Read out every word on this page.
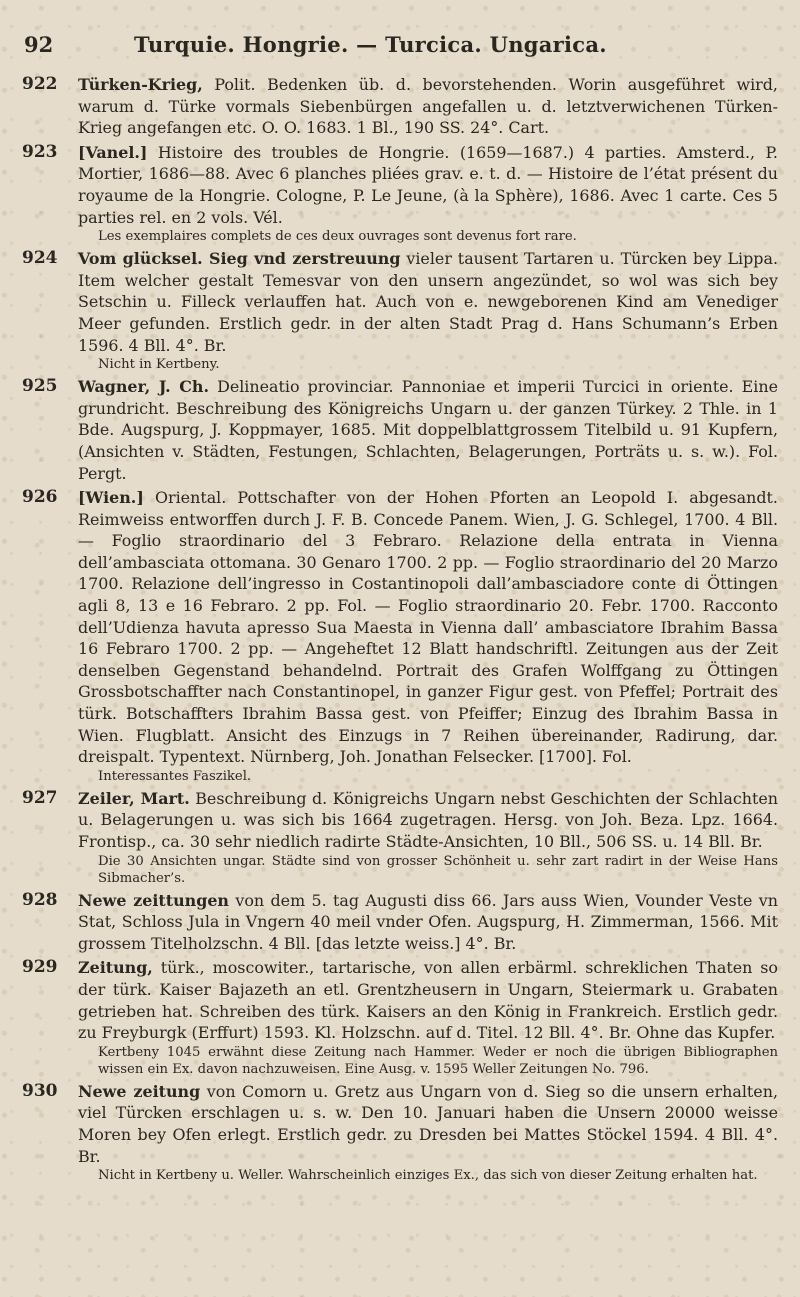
92	Turquie. Hongrie. — Turcica. Ungarica.
922	Türken-Krieg, Polit. Bedenken üb. d. bevorstehenden. Worin ausgeführet wird, warum d. Türke vormals Siebenbürgen angefallen u. d. letztverwichenen Türken-Krieg angefangen etc. O. O. 1683. 1 Bl., 190 SS. 24°. Cart.
923	[Vanel.] Histoire des troubles de Hongrie. (1659—1687.) 4 parties. Amsterd., P. Mortier, 1686—88. Avec 6 planches pliées grav. e. t. d. — Histoire de l’état présent du royaume de la Hongrie. Cologne, P. Le Jeune, (à la Sphère), 1686. Avec 1 carte. Ces 5 parties rel. en 2 vols. Vél.
Les exemplaires complets de ces deux ouvrages sont devenus fort rare.
924	Vom glücksel. Sieg vnd zerstreuung vieler tausent Tartaren u. Türcken bey Lippa. Item welcher gestalt Temesvar von den unsern angezündet, so wol was sich bey Setschin u. Filleck verlauffen hat. Auch von e. newgeborenen Kind am Venediger Meer gefunden. Erstlich gedr. in der alten Stadt Prag d. Hans Schumann’s Erben 1596. 4 Bll. 4°. Br.
Nicht in Kertbeny.
925	Wagner, J. Ch. Delineatio provinciar. Pannoniae et imperii Turcici in oriente. Eine grundricht. Beschreibung des Königreichs Ungarn u. der ganzen Türkey. 2 Thle. in 1 Bde. Augspurg, J. Koppmayer, 1685. Mit doppelblattgrossem Titelbild u. 91 Kupfern, (Ansichten v. Städten, Festungen, Schlachten, Belagerungen, Porträts u. s. w.). Fol. Pergt.
926	[Wien.] Oriental. Pottschafter von der Hohen Pforten an Leopold I. abgesandt. Reimweiss entworffen durch J. F. B. Concede Panem. Wien, J. G. Schlegel, 1700. 4 Bll. — Foglio straordinario del 3 Febraro. Relazione della entrata in Vienna dell’ambasciata ottomana. 30 Genaro 1700. 2 pp. — Foglio straordinario del 20 Marzo 1700. Relazione dell’ingresso in Costantinopoli dall’ambasciadore conte di Öttingen agli 8, 13 e 16 Febraro. 2 pp. Fol. — Foglio straordinario 20. Febr. 1700. Racconto dell’Udienza havuta apresso Sua Maesta in Vienna dall’ ambasciatore Ibrahim Bassa 16 Febraro 1700. 2 pp. — Angeheftet 12 Blatt handschriftl. Zeitungen aus der Zeit denselben Gegenstand behandelnd. Portrait des Grafen Wolffgang zu Öttingen Grossbotschaffter nach Constantinopel, in ganzer Figur gest. von Pfeffel; Portrait des türk. Botschaffters Ibrahim Bassa gest. von Pfeiffer; Einzug des Ibrahim Bassa in Wien. Flugblatt. Ansicht des Einzugs in 7 Reihen übereinander, Radirung, dar. dreispalt. Typentext. Nürnberg, Joh. Jonathan Felsecker. [1700]. Fol.
Interessantes Faszikel.
927	Zeiler, Mart. Beschreibung d. Königreichs Ungarn nebst Geschichten der Schlachten u. Belagerungen u. was sich bis 1664 zugetragen. Hersg. von Joh. Beza. Lpz. 1664. Frontisp., ca. 30 sehr niedlich radirte Städte-Ansichten, 10 Bll., 506 SS. u. 14 Bll. Br.
Die 30 Ansichten ungar. Städte sind von grosser Schönheit u. sehr zart radirt in der Weise Hans Sibmacher’s.
928	Newe zeittungen von dem 5. tag Augusti diss 66. Jars auss Wien, Vounder Veste vn Stat, Schloss Jula in Vngern 40 meil vnder Ofen. Augspurg, H. Zimmerman, 1566. Mit grossem Titelholzschn. 4 Bll. [das letzte weiss.] 4°. Br.
929	Zeitung, türk., moscowiter., tartarische, von allen erbärml. schreklichen Thaten so der türk. Kaiser Bajazeth an etl. Grentzheusern in Ungarn, Steiermark u. Grabaten getrieben hat. Schreiben des türk. Kaisers an den König in Frankreich. Erstlich gedr. zu Freyburgk (Erffurt) 1593. Kl. Holzschn. auf d. Titel. 12 Bll. 4°. Br. Ohne das Kupfer.
Kertbeny 1045 erwähnt diese Zeitung nach Hammer. Weder er noch die übrigen Bibliographen wissen ein Ex. davon nachzuweisen. Eine Ausg. v. 1595 Weller Zeitungen No. 796.
930	Newe zeitung von Comorn u. Gretz aus Ungarn von d. Sieg so die unsern erhalten, viel Türcken erschlagen u. s. w. Den 10. Januari haben die Unsern 20000 weisse Moren bey Ofen erlegt. Erstlich gedr. zu Dresden bei Mattes Stöckel 1594. 4 Bll. 4°. Br.
Nicht in Kertbeny u. Weller. Wahrscheinlich einziges Ex., das sich von dieser Zeitung erhalten hat.
